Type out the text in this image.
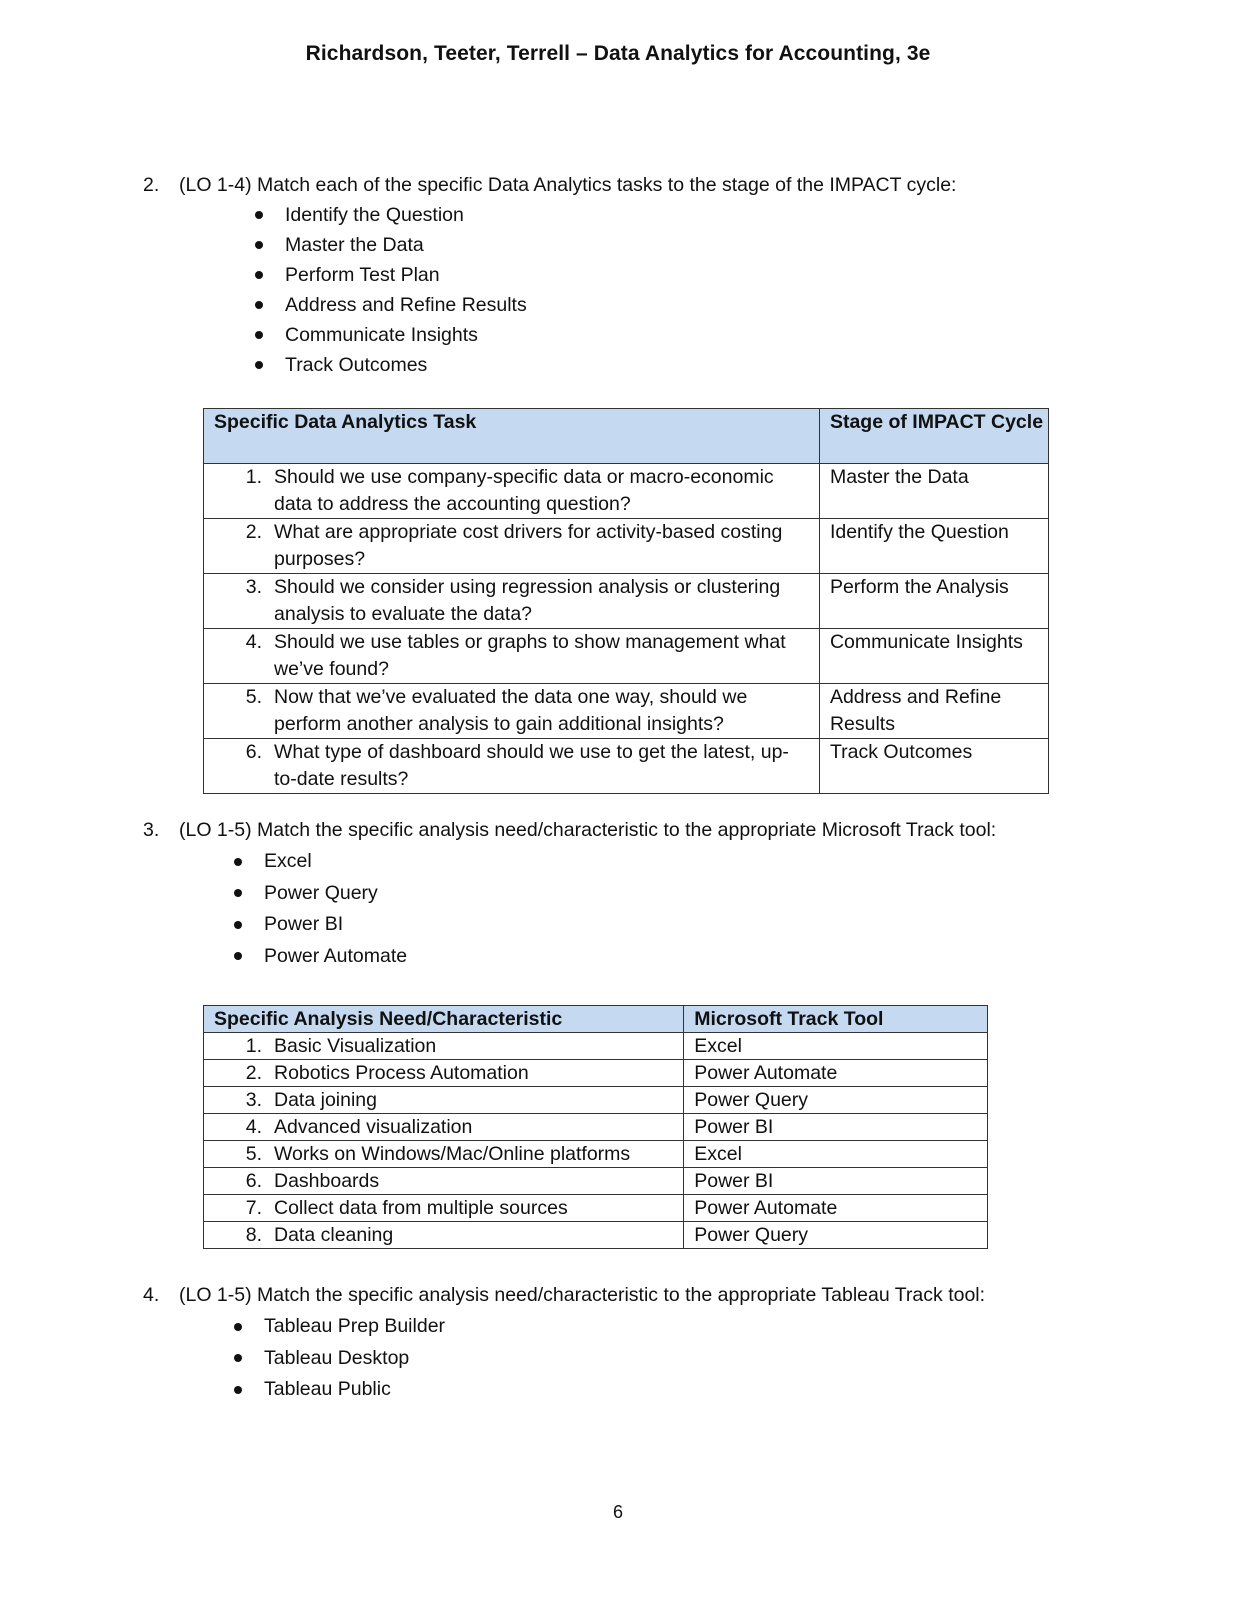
Richardson, Teeter, Terrell – Data Analytics for Accounting, 3e
2.	(LO 1-4) Match each of the specific Data Analytics tasks to the stage of the IMPACT cycle:
Identify the Question
Master the Data
Perform Test Plan
Address and Refine Results
Communicate Insights
Track Outcomes
Specific Data Analytics Task	Stage of IMPACT Cycle

1. Should we use company-specific data or macro-economic data to address the accounting question?	Master the Data

2. What are appropriate cost drivers for activity-based costing purposes?	Identify the Question

3. Should we consider using regression analysis or clustering analysis to evaluate the data?	Perform the Analysis

4. Should we use tables or graphs to show management what we’ve found?	Communicate Insights

5. Now that we’ve evaluated the data one way, should we perform another analysis to gain additional insights?	Address and Refine Results

6. What type of dashboard should we use to get the latest, up-to-date results?	Track Outcomes
3.	(LO 1-5) Match the specific analysis need/characteristic to the appropriate Microsoft Track tool:
Excel
Power Query
Power BI
Power Automate
Specific Analysis Need/Characteristic	Microsoft Track Tool

1. Basic Visualization	Excel

2. Robotics Process Automation	Power Automate

3. Data joining	Power Query

4. Advanced visualization	Power BI

5. Works on Windows/Mac/Online platforms	Excel

6. Dashboards	Power BI

7. Collect data from multiple sources	Power Automate

8. Data cleaning	Power Query
4.	(LO 1-5) Match the specific analysis need/characteristic to the appropriate Tableau Track tool:
Tableau Prep Builder
Tableau Desktop
Tableau Public
6
